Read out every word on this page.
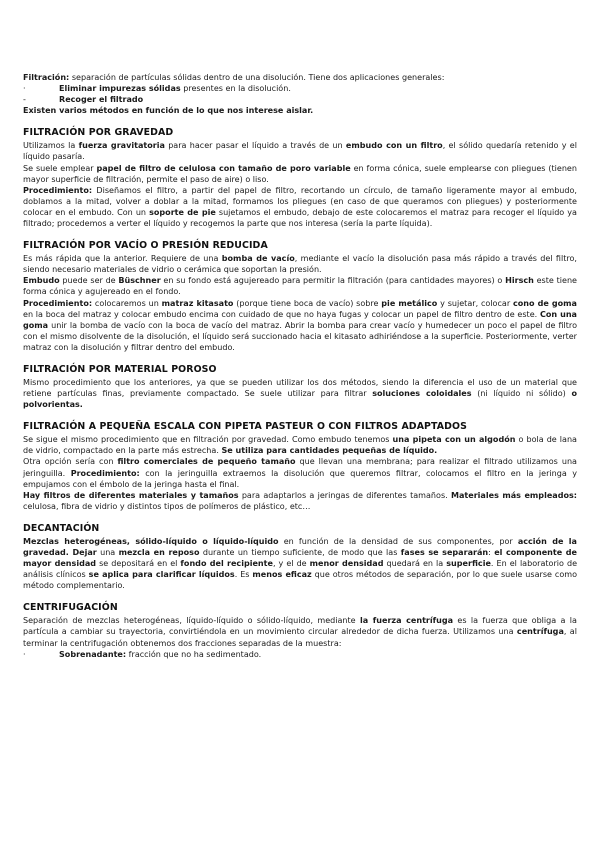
Filtración: separación de partículas sólidas dentro de una disolución. Tiene dos aplicaciones generales:

·	Eliminar impurezas sólidas presentes en la disolución.
-	Recoger el filtrado

Existen varios métodos en función de lo que nos interese aislar.

FILTRACIÓN POR GRAVEDAD

Utilizamos la fuerza gravitatoria para hacer pasar el líquido a través de un embudo con un filtro, el sólido quedaría retenido y el líquido pasaría.

Se suele emplear papel de filtro de celulosa con tamaño de poro variable en forma cónica, suele emplearse con pliegues (tienen mayor superficie de filtración, permite el paso de aire) o liso.

Procedimiento: Diseñamos el filtro, a partir del papel de filtro, recortando un círculo, de tamaño ligeramente mayor al embudo, doblamos a la mitad, volver a doblar a la mitad, formamos los pliegues (en caso de que queramos con pliegues) y posteriormente colocar en el embudo. Con un soporte de pie sujetamos el embudo, debajo de este colocaremos el matraz para recoger el líquido ya filtrado; procedemos a verter el líquido y recogemos la parte que nos interesa (sería la parte líquida).

FILTRACIÓN POR VACÍO O PRESIÓN REDUCIDA

Es más rápida que la anterior. Requiere de una bomba de vacío, mediante el vacío la disolución pasa más rápido a través del filtro, siendo necesario materiales de vidrio o cerámica que soportan la presión.

Embudo puede ser de Büschner en su fondo está agujereado para permitir la filtración (para cantidades mayores) o Hirsch este tiene forma cónica y agujereado en el fondo.

Procedimiento: colocaremos un matraz kitasato (porque tiene boca de vacío) sobre pie metálico y sujetar, colocar cono de goma en la boca del matraz y colocar embudo encima con cuidado de que no haya fugas y colocar un papel de filtro dentro de este. Con una goma unir la bomba de vacío con la boca de vacío del matraz. Abrir la bomba para crear vacío y humedecer un poco el papel de filtro con el mismo disolvente de la disolución, el líquido será succionado hacia el kitasato adhiriéndose a la superficie. Posteriormente, verter matraz con la disolución y filtrar dentro del embudo.

FILTRACIÓN POR MATERIAL POROSO

Mismo procedimiento que los anteriores, ya que se pueden utilizar los dos métodos, siendo la diferencia el uso de un material que retiene partículas finas, previamente compactado. Se suele utilizar para filtrar soluciones coloidales (ni líquido ni sólido) o polvorientas.

FILTRACIÓN A PEQUEÑA ESCALA CON PIPETA PASTEUR O CON FILTROS ADAPTADOS

Se sigue el mismo procedimiento que en filtración por gravedad. Como embudo tenemos una pipeta con un algodón o bola de lana de vidrio, compactado en la parte más estrecha. Se utiliza para cantidades pequeñas de líquido.

Otra opción sería con filtro comerciales de pequeño tamaño que llevan una membrana; para realizar el filtrado utilizamos una jeringuilla. Procedimiento: con la jeringuilla extraemos la disolución que queremos filtrar, colocamos el filtro en la jeringa y empujamos con el émbolo de la jeringa hasta el final.

Hay filtros de diferentes materiales y tamaños para adaptarlos a jeringas de diferentes tamaños. Materiales más empleados: celulosa, fibra de vidrio y distintos tipos de polímeros de plástico, etc…

DECANTACIÓN

Mezclas heterogéneas, sólido-líquido o líquido-líquido en función de la densidad de sus componentes, por acción de la gravedad. Dejar una mezcla en reposo durante un tiempo suficiente, de modo que las fases se separarán: el componente de mayor densidad se depositará en el fondo del recipiente, y el de menor densidad quedará en la superficie. En el laboratorio de análisis clínicos se aplica para clarificar líquidos. Es menos eficaz que otros métodos de separación, por lo que suele usarse como método complementario.

CENTRIFUGACIÓN

Separación de mezclas heterogéneas, líquido-líquido o sólido-líquido, mediante la fuerza centrífuga es la fuerza que obliga a la partícula a cambiar su trayectoria, convirtiéndola en un movimiento circular alrededor de dicha fuerza. Utilizamos una centrífuga, al terminar la centrifugación obtenemos dos fracciones separadas de la muestra:

·	Sobrenadante: fracción que no ha sedimentado.
